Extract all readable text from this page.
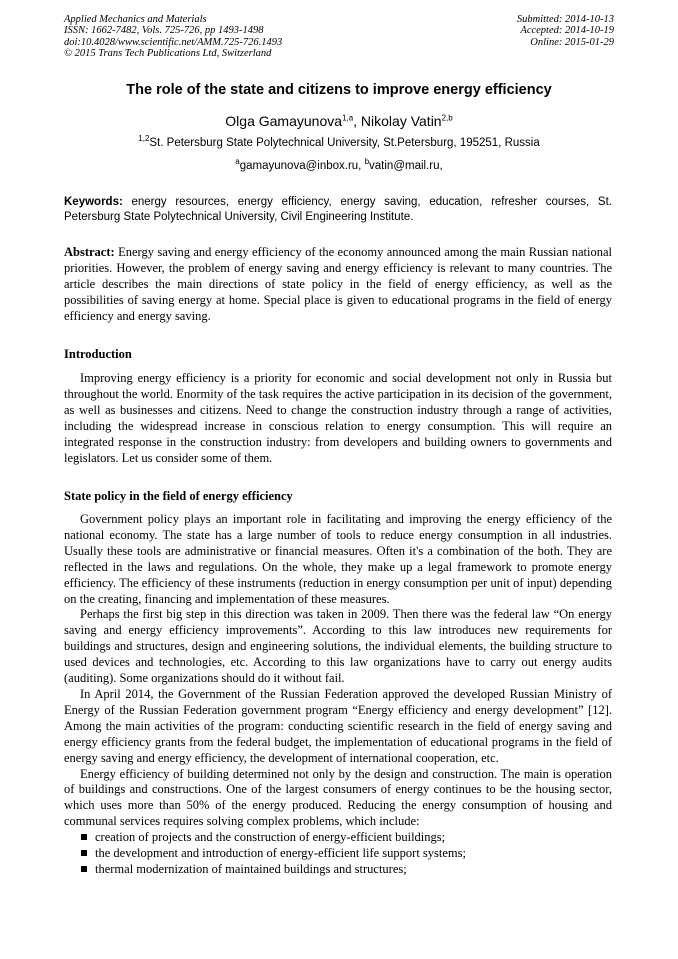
Applied Mechanics and Materials
ISSN: 1662-7482, Vols. 725-726, pp 1493-1498
doi:10.4028/www.scientific.net/AMM.725-726.1493
© 2015 Trans Tech Publications Ltd, Switzerland
Submitted: 2014-10-13
Accepted: 2014-10-19
Online: 2015-01-29
The role of the state and citizens to improve energy efficiency
Olga Gamayunova$^{1,a}$, Nikolay Vatin$^{2,b}$
$^{1,2}$St. Petersburg State Polytechnical University, St.Petersburg, 195251, Russia
$^a$gamayunova@inbox.ru, $^b$vatin@mail.ru,
Keywords: energy resources, energy efficiency, energy saving, education, refresher courses, St. Petersburg State Polytechnical University, Civil Engineering Institute.
Abstract: Energy saving and energy efficiency of the economy announced among the main Russian national priorities. However, the problem of energy saving and energy efficiency is relevant to many countries. The article describes the main directions of state policy in the field of energy efficiency, as well as the possibilities of saving energy at home. Special place is given to educational programs in the field of energy efficiency and energy saving.
Introduction

Improving energy efficiency is a priority for economic and social development not only in Russia but throughout the world. Enormity of the task requires the active participation in its decision of the government, as well as businesses and citizens. Need to change the construction industry through a range of activities, including the widespread increase in conscious relation to energy consumption. This will require an integrated response in the construction industry: from developers and building owners to governments and legislators. Let us consider some of them.

State policy in the field of energy efficiency

Government policy plays an important role in facilitating and improving the energy efficiency of the national economy. The state has a large number of tools to reduce energy consumption in all industries. Usually these tools are administrative or financial measures. Often it's a combination of the both. They are reflected in the laws and regulations. On the whole, they make up a legal framework to promote energy efficiency. The efficiency of these instruments (reduction in energy consumption per unit of input) depending on the creating, financing and implementation of these measures.

Perhaps the first big step in this direction was taken in 2009. Then there was the federal law “On energy saving and energy efficiency improvements”. According to this law introduces new requirements for buildings and structures, design and engineering solutions, the individual elements, the building structure to used devices and technologies, etc. According to this law organizations have to carry out energy audits (auditing). Some organizations should do it without fail.

In April 2014, the Government of the Russian Federation approved the developed Russian Ministry of Energy of the Russian Federation government program “Energy efficiency and energy development” [12]. Among the main activities of the program: conducting scientific research in the field of energy saving and energy efficiency grants from the federal budget, the implementation of educational programs in the field of energy saving and energy efficiency, the development of international cooperation, etc.

Energy efficiency of building determined not only by the design and construction. The main is operation of buildings and constructions. One of the largest consumers of energy continues to be the housing sector, which uses more than 50% of the energy produced. Reducing the energy consumption of housing and communal services requires solving complex problems, which include:

creation of projects and the construction of energy-efficient buildings;
the development and introduction of energy-efficient life support systems;
thermal modernization of maintained buildings and structures;
